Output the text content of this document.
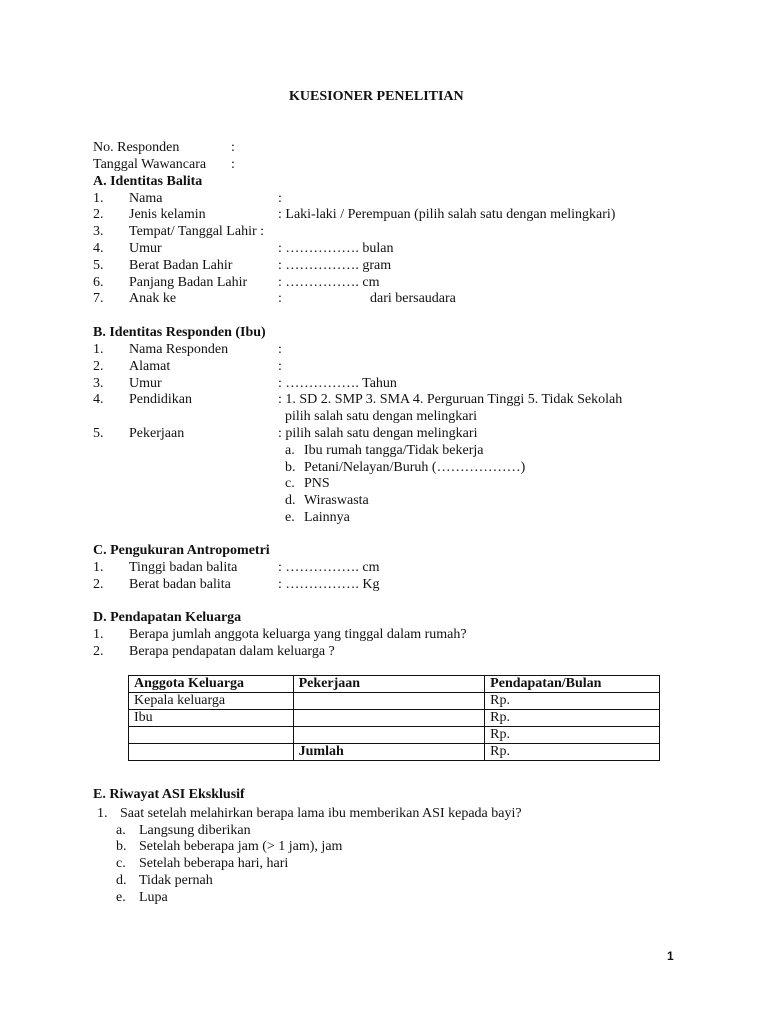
KUESIONER PENELITIAN
No. Responden	:
Tanggal Wawancara :
A. Identitas Balita
1. Nama	:
2. Jenis kelamin	: Laki-laki / Perempuan (pilih salah satu dengan melingkari)
3. Tempat/ Tanggal Lahir :
4. Umur	: ……………. bulan
5. Berat Badan Lahir	: ……………. gram
6. Panjang Badan Lahir : ……………. cm
7. Anak ke	:	dari bersaudara
B. Identitas Responden (Ibu)
1. Nama Responden	:
2. Alamat	:
3. Umur	: ……………. Tahun
4. Pendidikan	: 1. SD 2. SMP 3. SMA 4. Perguruan Tinggi 5. Tidak Sekolah
pilih salah satu dengan melingkari
5. Pekerjaan	: pilih salah satu dengan melingkari
a. Ibu rumah tangga/Tidak bekerja
b. Petani/Nelayan/Buruh (………………)
c. PNS
d. Wiraswasta
e. Lainnya
C. Pengukuran Antropometri
1. Tinggi badan balita	: ……………. cm
2. Berat badan balita	: ……………. Kg
D. Pendapatan Keluarga
1. Berapa jumlah anggota keluarga yang tinggal dalam rumah?
2. Berapa pendapatan dalam keluarga ?
Anggota Keluarga	Pekerjaan	Pendapatan/Bulan
Kepala keluarga		Rp.
Ibu		Rp.
		Rp.
	Jumlah	Rp.
E. Riwayat ASI Eksklusif
1. Saat setelah melahirkan berapa lama ibu memberikan ASI kepada bayi?
a. Langsung diberikan
b. Setelah beberapa jam (> 1 jam), jam
c. Setelah beberapa hari, hari
d. Tidak pernah
e. Lupa
1
